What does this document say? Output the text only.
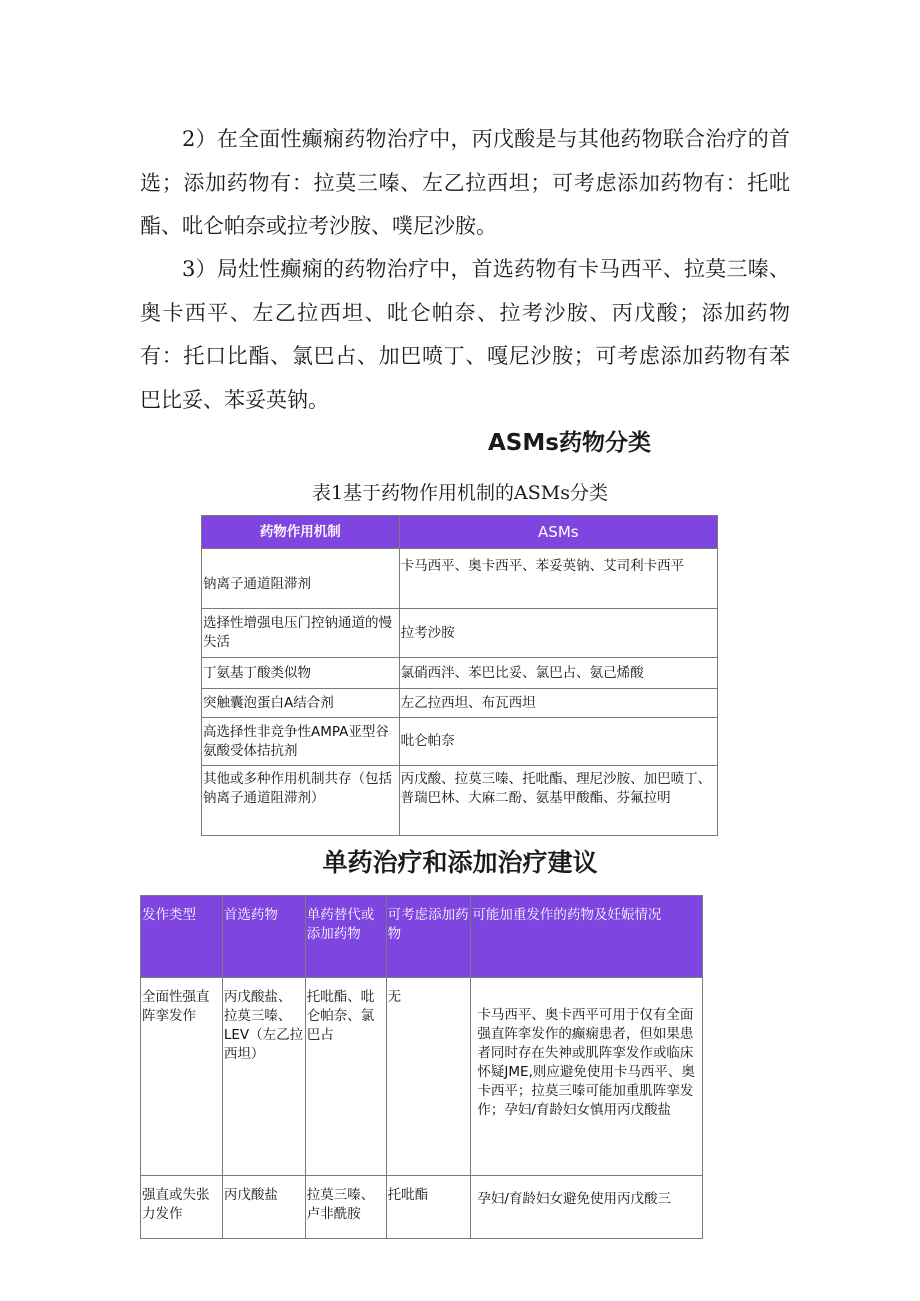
2）在全面性癫痫药物治疗中，丙戊酸是与其他药物联合治疗的首选；添加药物有：拉莫三嗪、左乙拉西坦；可考虑添加药物有：托吡酯、吡仑帕奈或拉考沙胺、噗尼沙胺。

3）局灶性癫痫的药物治疗中，首选药物有卡马西平、拉莫三嗪、奥卡西平、左乙拉西坦、吡仑帕奈、拉考沙胺、丙戊酸；添加药物有：托口比酯、氯巴占、加巴喷丁、嘎尼沙胺；可考虑添加药物有苯巴比妥、苯妥英钠。

ASMs药物分类

表1基于药物作用机制的ASMs分类

药物作用机制	ASMs
钠离子通道阻滞剂	卡马西平、奥卡西平、苯妥英钠、艾司利卡西平
选择性增强电压门控钠通道的慢失活	拉考沙胺
丁氨基丁酸类似物	氯硝西泮、苯巴比妥、氯巴占、氨己烯酸
突触囊泡蛋白A结合剂	左乙拉西坦、布瓦西坦
高选择性非竞争性AMPA亚型谷氨酸受体拮抗剂	吡仑帕奈
其他或多种作用机制共存（包括钠离子通道阻滞剂）	丙戊酸、拉莫三嗪、托吡酯、理尼沙胺、加巴喷丁、普瑞巴林、大麻二酚、氨基甲酸酯、芬氟拉明
单药治疗和添加治疗建议
发作类型	首选药物	单药替代或添加药物	可考虑添加药物	可能加重发作的药物及妊娠情况
全面性强直阵挛发作	丙戊酸盐、拉莫三嗪、LEV（左乙拉西坦）	托吡酯、吡仑帕奈、氯巴占	无	卡马西平、奥卡西平可用于仅有全面强直阵挛发作的癫痫患者，但如果患者同时存在失神或肌阵挛发作或临床怀疑JME,则应避免使用卡马西平、奥卡西平；拉莫三嗪可能加重肌阵挛发作；孕妇/育龄妇女慎用丙戊酸盐
强直或失张力发作	丙戊酸盐	拉莫三嗪、卢非酰胺	托吡酯	孕妇/育龄妇女避免使用丙戊酸三
